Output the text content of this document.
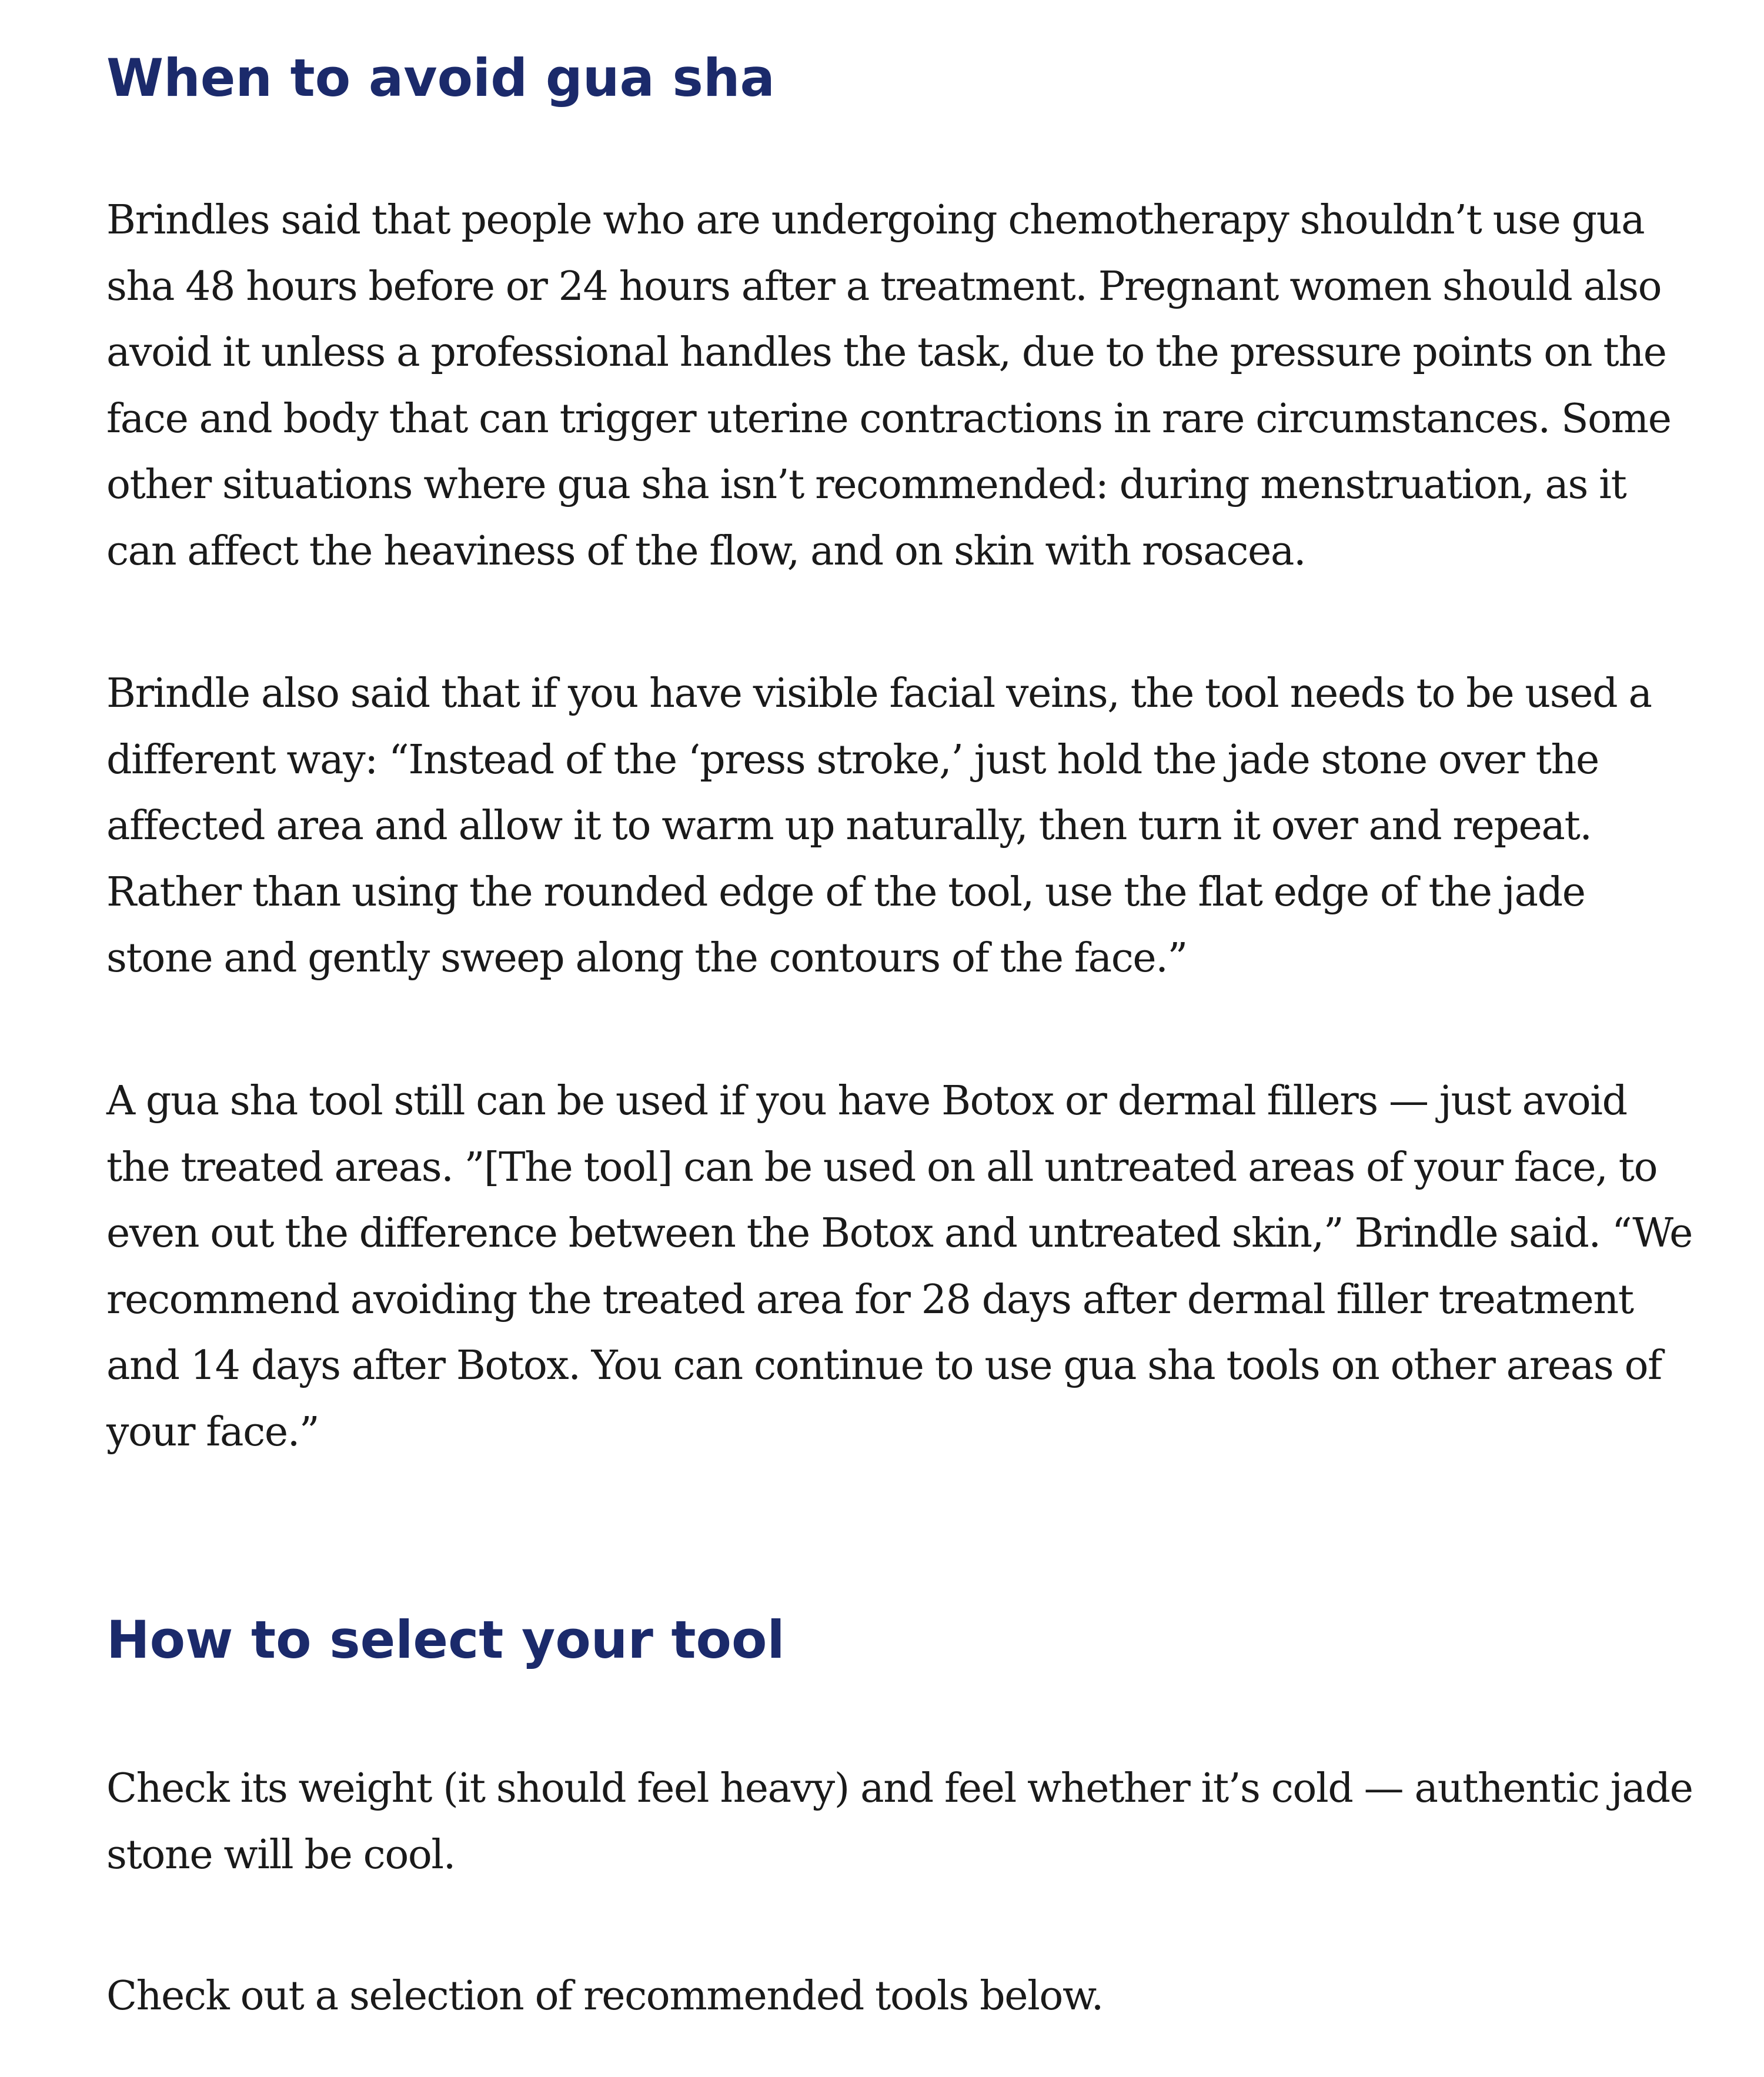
When to avoid gua sha

Brindles said that people who are undergoing chemotherapy shouldn’t use gua sha 48 hours before or 24 hours after a treatment. Pregnant women should also avoid it unless a professional handles the task, due to the pressure points on the face and body that can trigger uterine contractions in rare circumstances. Some other situations where gua sha isn’t recommended: during menstruation, as it can affect the heaviness of the flow, and on skin with rosacea.

Brindle also said that if you have visible facial veins, the tool needs to be used a different way: “Instead of the ‘press stroke,’ just hold the jade stone over the affected area and allow it to warm up naturally, then turn it over and repeat. Rather than using the rounded edge of the tool, use the flat edge of the jade stone and gently sweep along the contours of the face.”

A gua sha tool still can be used if you have Botox or dermal fillers — just avoid the treated areas. ”[The tool] can be used on all untreated areas of your face, to even out the difference between the Botox and untreated skin,” Brindle said. “We recommend avoiding the treated area for 28 days after dermal filler treatment and 14 days after Botox. You can continue to use gua sha tools on other areas of your face.”

How to select your tool

Check its weight (it should feel heavy) and feel whether it’s cold — authentic jade stone will be cool.

Check out a selection of recommended tools below.
